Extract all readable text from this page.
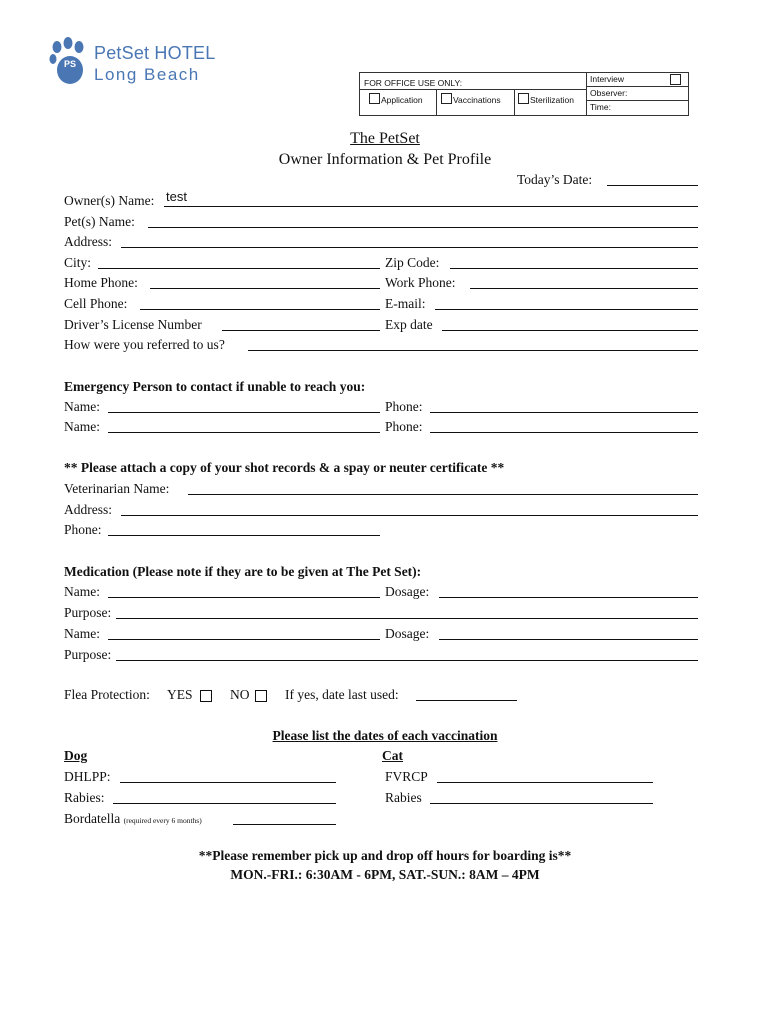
PS
PetSet HOTEL
Long Beach	FOR OFFICE USE ONLY:
Application	Vaccinations	Sterilization
Interview
Observer:
Time:
The PetSet
Owner Information & Pet Profile
Today’s Date:
Owner(s) Name: test
Pet(s) Name:
Address:
City:	Zip Code:
Home Phone:	Work Phone:
Cell Phone:	E-mail:
Driver’s License Number	Exp date
How were you referred to us?
Emergency Person to contact if unable to reach you:
Name:	Phone:
Name:	Phone:
** Please attach a copy of your shot records & a spay or neuter certificate **
Veterinarian Name:
Address:
Phone:
Medication (Please note if they are to be given at The Pet Set):
Name:	Dosage:
Purpose:
Name:	Dosage:
Purpose:
Flea Protection: YES	NO	If yes, date last used:
Please list the dates of each vaccination
Dog	Cat
DHLPP:	FVRCP
Rabies:	Rabies
Bordatella (required every 6 months)
**Please remember pick up and drop off hours for boarding is**
MON.-FRI.: 6:30AM - 6PM, SAT.-SUN.: 8AM – 4PM
